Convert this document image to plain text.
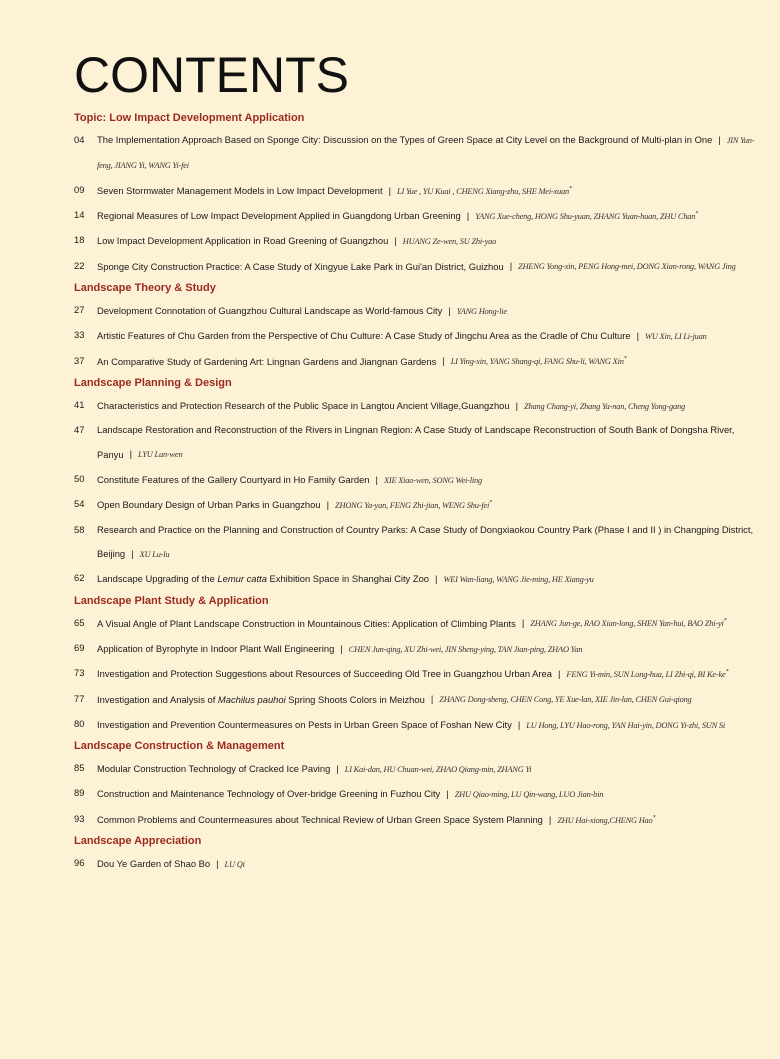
CONTENTS
Topic: Low Impact Development Application
04	The Implementation Approach Based on Sponge City: Discussion on the Types of Green Space at City Level on the Background of Multi-plan in One | JIN Yun-feng, JIANG Yi, WANG Yi-fei
09	Seven Stormwater Management Models in Low Impact Development | LI Yue , YU Kuai , CHENG Xiang-zhu, SHE Mei-xuan*
14	Regional Measures of Low Impact Development Applied in Guangdong Urban Greening | YANG Xue-cheng, HONG Shu-yuan, ZHANG Yuan-huan, ZHU Chan*
18	Low Impact Development Application in Road Greening of Guangzhou | HUANG Ze-wen, SU Zhi-yao
22	Sponge City Construction Practice: A Case Study of Xingyue Lake Park in Gui'an District, Guizhou | ZHENG Yong-xin, PENG Hong-mei, DONG Xian-rong, WANG Jing
Landscape Theory & Study
27	Development Connotation of Guangzhou Cultural Landscape as World-famous City | YANG Hong-lie
33	Artistic Features of Chu Garden from the Perspective of Chu Culture: A Case Study of Jingchu Area as the Cradle of Chu Culture | WU Xin, LI Li-juan
37	An Comparative Study of Gardening Art: Lingnan Gardens and Jiangnan Gardens | LI Ying-xin, YANG Shang-qi, FANG Shu-li, WANG Xin*
Landscape Planning & Design
41	Characteristics and Protection Research of the Public Space in Langtou Ancient Village,Guangzhou | Zhang Chang-yi, Zhang Ya-nan, Cheng Yong-gang
47	Landscape Restoration and Reconstruction of the Rivers in Lingnan Region: A Case Study of Landscape Reconstruction of South Bank of Dongsha River, Panyu | LYU Lun-wen
50	Constitute Features of the Gallery Courtyard in Ho Family Garden | XIE Xiao-wen, SONG Wei-ling
54	Open Boundary Design of Urban Parks in Guangzhou | ZHONG Ya-yan, FENG Zhi-jian, WENG Shu-fei*
58	Research and Practice on the Planning and Construction of Country Parks: A Case Study of Dongxiaokou Country Park (Phase I and II ) in Changping District, Beijing | XU Lu-lu
62	Landscape Upgrading of the Lemur catta Exhibition Space in Shanghai City Zoo | WEI Wan-liang, WANG Jie-ming, HE Xiang-yu
Landscape Plant Study & Application
65	A Visual Angle of Plant Landscape Construction in Mountainous Cities: Application of Climbing Plants | ZHANG Jun-ge, RAO Xian-long, SHEN Yan-hui, BAO Zhi-yi*
69	Application of Byrophyte in Indoor Plant Wall Engineering | CHEN Jun-qing, XU Zhi-wei, JIN Sheng-ying, TAN Jian-ping, ZHAO Yan
73	Investigation and Protection Suggestions about Resources of Succeeding Old Tree in Guangzhou Urban Area | FENG Yi-min, SUN Long-hua, LI Zhi-qi, BI Ke-ke*
77	Investigation and Analysis of Machilus pauhoi Spring Shoots Colors in Meizhou | ZHANG Dong-sheng, CHEN Cong, YE Xue-lan, XIE Jin-lan, CHEN Gui-qiong
80	Investigation and Prevention Countermeasures on Pests in Urban Green Space of Foshan New City | LU Hong, LYU Hao-rong, YAN Hai-yin, DONG Yi-zhi, SUN Si
Landscape Construction & Management
85	Modular Construction Technology of Cracked Ice Paving | LI Kai-dan, HU Chuan-wei, ZHAO Qiang-min, ZHANG Yi
89	Construction and Maintenance Technology of Over-bridge Greening in Fuzhou City | ZHU Qiao-ming, LU Qin-wang, LUO Jian-bin
93	Common Problems and Countermeasures about Technical Review of Urban Green Space System Planning | ZHU Hai-xiong,CHENG Hao*
Landscape Appreciation
96	Dou Ye Garden of Shao Bo | LU Qi
